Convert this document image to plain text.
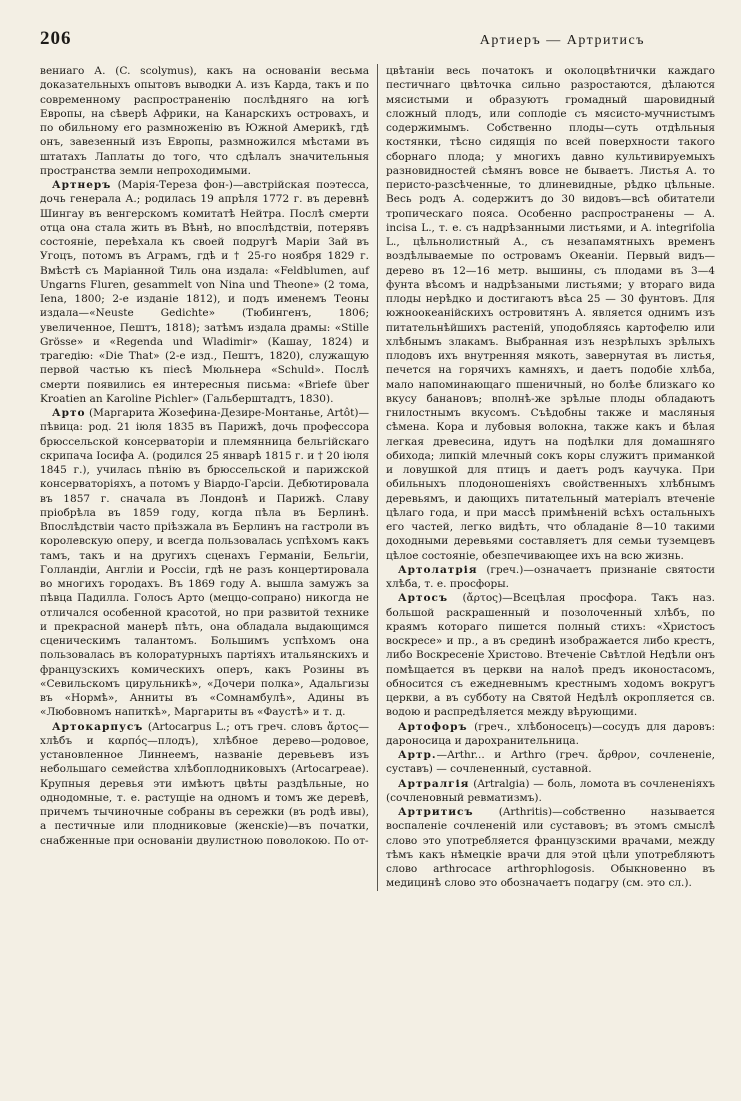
206	Артиеръ — Артритисъ

вениаго А. (C. scolymus), какъ на основаніи весьма доказательныхъ опытовъ выводки А. изъ Карда, такъ и по современному распространенію послѣдняго на югѣ Европы, на сѣверѣ Африки, на Канарскихъ островахъ, и по обильному его размноженію въ Южной Америкѣ, гдѣ онъ, завезенный изъ Европы, размножился мѣстами въ штатахъ Лаплаты до того, что сдѣлалъ значительныя пространства земли непроходимыми.

Артнеръ (Марія-Тереза фон-)—австрійская поэтесса, дочь генерала А.; родилась 19 апрѣля 1772 г. въ деревнѣ Шингау въ венгерскомъ комитатѣ Нейтра. Послѣ смерти отца она стала жить въ Вѣнѣ, но впослѣдствіи, потерявъ состояніе, переѣхала къ своей подругѣ Маріи Зай въ Угоцъ, потомъ въ Аграмъ, гдѣ и † 25-го ноября 1829 г. Вмѣстѣ съ Маріанной Тиль она издала: «Feldblumen, auf Ungarns Fluren, gesammelt von Nina und Theone» (2 тома, Iena, 1800; 2-е изданіе 1812), и подъ именемъ Теоны издала—«Neuste Gedichte» (Тюбингенъ, 1806; увеличенное, Пештъ, 1818); затѣмъ издала драмы: «Stille Grösse» и «Regenda und Wladimir» (Кашау, 1824) и трагедію: «Die That» (2-е изд., Пештъ, 1820), служащую первой частью къ піесѣ Мюльнера «Schuld». Послѣ смерти появились ея интересныя письма: «Briefe über Kroatien an Karoline Pichler» (Гальберштадтъ, 1830).

Арто (Маргарита Жозефина-Дезире-Монтанье, Artôt)—пѣвица: род. 21 іюля 1835 въ Парижѣ, дочь профессора брюссельской консерваторіи и племянница бельгійскаго скрипача Іосифа А. (родился 25 январѣ 1815 г. и † 20 іюля 1845 г.), училась пѣнію въ брюссельской и парижской консерваторіяхъ, а потомъ у Віардо-Гарсіи. Дебютировала въ 1857 г. сначала въ Лондонѣ и Парижѣ. Славу пріобрѣла въ 1859 году, когда пѣла въ Берлинѣ. Впослѣдствіи часто пріѣзжала въ Берлинъ на гастроли въ королевскую оперу, и всегда пользовалась успѣхомъ какъ тамъ, такъ и на другихъ сценахъ Германіи, Бельгіи, Голландіи, Англіи и Россіи, гдѣ не разъ концертировала во многихъ городахъ. Въ 1869 году А. вышла замужъ за пѣвца Падилла. Голосъ Арто (меццо-сопрано) никогда не отличался особенной красотой, но при развитой технике и прекрасной манерѣ пѣть, она обладала выдающимся сценическимъ талантомъ. Большимъ успѣхомъ она пользовалась въ колоратурныхъ партіяхъ итальянскихъ и французскихъ комическихъ оперъ, какъ Розины въ «Севильскомъ цирульникѣ», «Дочери полка», Адальгизы въ «Нормѣ», Анниты въ «Сомнамбулѣ», Адины въ «Любовномъ напиткѣ», Маргариты въ «Фаустѣ» и т. д.

Артокарпусъ (Artocarpus L.; отъ греч. словъ ἄρτος—хлѣбъ и καρπός—плодъ), хлѣбное дерево—родовое, установленное Линнеемъ, названіе деревьевъ изъ небольшаго семейства хлѣбоплодниковыхъ (Artocarpeae). Крупныя деревья эти имѣютъ цвѣты раздѣльные, но однодомные, т. е. растущіе на одномъ и томъ же деревѣ, причемъ тычиночные собраны въ сережки (въ родѣ ивы), а пестичные или плодниковые (женскіе)—въ початки, снабженные при основаніи двулистною поволокою. По от-

цвѣтаніи весь початокъ и околоцвѣтнички каждаго пестичнаго цвѣточка сильно разростаются, дѣлаются мясистыми и образуютъ громадный шаровидный сложный плодъ, или соплодіе съ мясисто-мучнистымъ содержимымъ. Собственно плоды—суть отдѣльныя костянки, тѣсно сидящія по всей поверхности такого сборнаго плода; у многихъ давно культивируемыхъ разновидностей сѣмянъ вовсе не бываетъ. Листья А. то перисто-разсѣченные, то длиневидные, рѣдко цѣльные. Весь родъ А. содержитъ до 30 видовъ—всѣ обитатели тропическаго пояса. Особенно распространены — A. incisa L., т. е. съ надрѣзанными листьями, и A. integrifolia L., цѣльнолистный А., съ незапамятныхъ временъ воздѣлываемые по островамъ Океаніи. Первый видъ—дерево въ 12—16 метр. вышины, съ плодами въ 3—4 фунта вѣсомъ и надрѣзаными листьями; у втораго вида плоды нерѣдко и достигаютъ вѣса 25 — 30 фунтовъ. Для южноокеанійскихъ островитянъ А. является однимъ изъ питательнѣйшихъ растеній, уподобляясь картофелю или хлѣбнымъ злакамъ. Выбранная изъ незрѣлыхъ зрѣлыхъ плодовъ ихъ внутренняя мякоть, завернутая въ листья, печется на горячихъ камняхъ, и даетъ подобіе хлѣба, мало напоминающаго пшеничный, но болѣе близкаго ко вкусу банановъ; вполнѣ-же зрѣлые плоды обладаютъ гнилостнымъ вкусомъ. Съѣдобны также и масляныя сѣмена. Кора и лубовыя волокна, также какъ и бѣлая легкая древесина, идутъ на подѣлки для домашняго обихода; липкій млечный сокъ коры служитъ приманкой и ловушкой для птицъ и даетъ родъ каучука. При обильныхъ плодоношеніяхъ свойственныхъ хлѣбнымъ деревьямъ, и дающихъ питательный матеріалъ втеченіе цѣлаго года, и при массѣ примѣненій всѣхъ остальныхъ его частей, легко видѣть, что обладаніе 8—10 такими доходными деревьями составляетъ для семьи туземцевъ цѣлое состояніе, обезпечивающее ихъ на всю жизнь.

Артолатрія (греч.)—означаетъ признаніе святости хлѣба, т. е. просфоры.

Артосъ (ἄρτος)—Всецѣлая просфора. Такъ наз. большой раскрашенный и позолоченный хлѣбъ, по краямъ котораго пишется полный стихъ: «Христосъ воскресе» и пр., а въ срединѣ изображается либо крестъ, либо Воскресеніе Христово. Втеченіе Свѣтлой Недѣли онъ помѣщается въ церкви на налоѣ предъ иконостасомъ, обносится съ ежедневнымъ крестнымъ ходомъ вокругъ церкви, а въ субботу на Святой Недѣлѣ окропляется св. водою и распредѣляется между вѣрующими.

Артофоръ (греч., хлѣбоносецъ)—сосудъ для даровъ: дароносица и дарохранительница.

Артр.—Arthr... и Arthro (греч. ἄρθρον, сочлененіе, суставъ) — сочлененный, суставной.

Артралгія (Artralgia) — боль, ломота въ сочлененіяхъ (сочленовный ревматизмъ).

Артритисъ (Arthritis)—собственно называется воспаленіе сочлененій или суставовъ; въ этомъ смыслѣ слово это употребляется французскими врачами, между тѣмъ какъ нѣмецкіе врачи для этой цѣли употребляютъ слово arthrocace arthrophlogosis. Обыкновенно въ медицинѣ слово это обозначаетъ подагру (см. это сл.).
